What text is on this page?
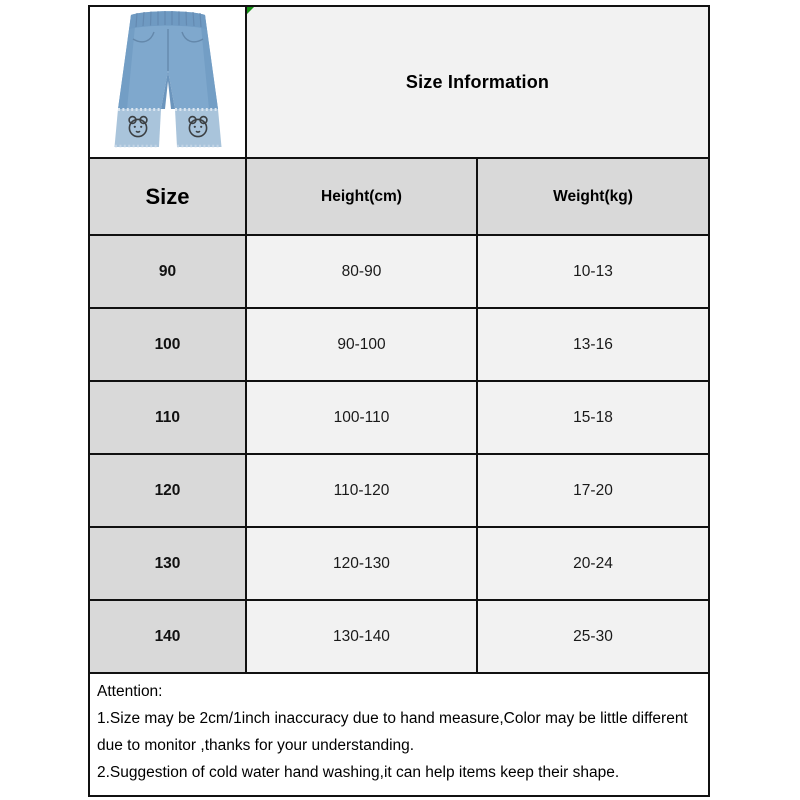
Size Information
Size	Height(cm)	Weight(kg)
90	80-90	10-13
100	90-100	13-16
110	100-110	15-18
120	110-120	17-20
130	120-130	20-24
140	130-140	25-30

Attention:

1.Size may be 2cm/1inch inaccuracy due to hand measure,Color may be little different due to monitor ,thanks for your understanding.

2.Suggestion of cold water hand washing,it can help items keep their shape.
